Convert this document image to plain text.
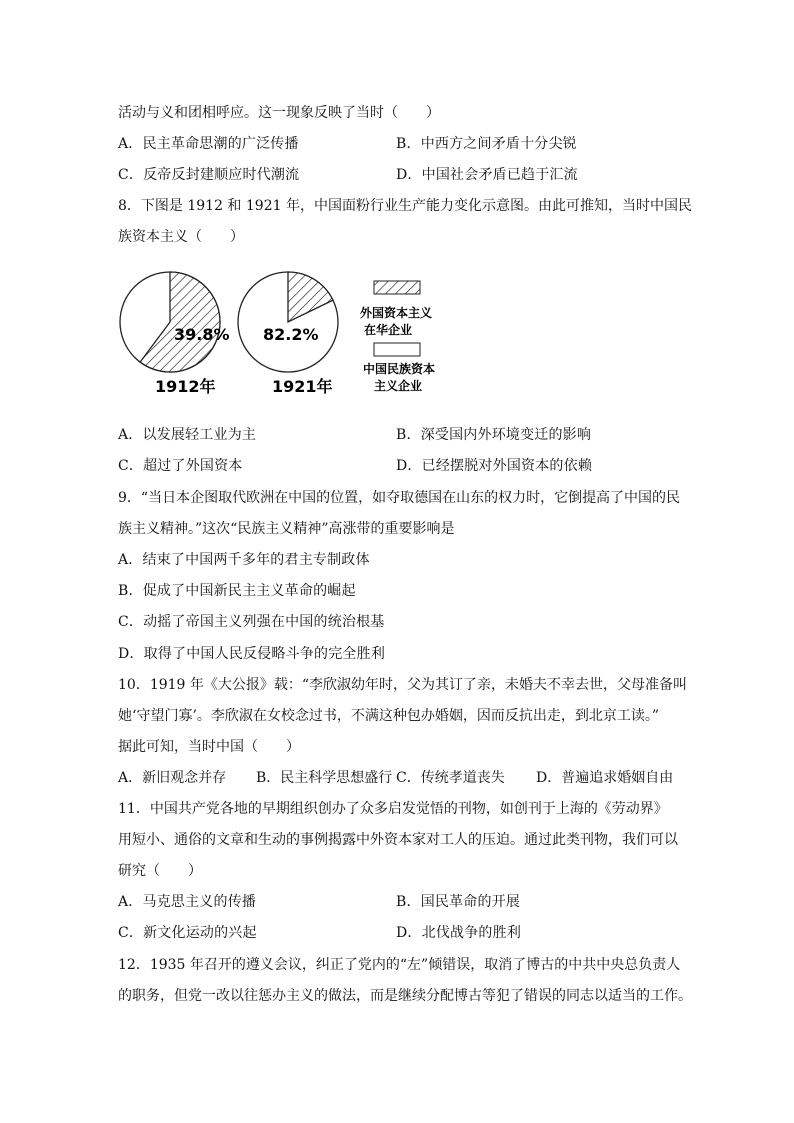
活动与义和团相呼应。这一现象反映了当时（　　）
A．民主革命思潮的广泛传播	B．中西方之间矛盾十分尖锐
C．反帝反封建顺应时代潮流	D．中国社会矛盾已趋于汇流
8．下图是 1912 和 1921 年，中国面粉行业生产能力变化示意图。由此可推知，当时中国民
族资本主义（　　）
39.8% 82.2%
1912年	1921年
外国资本主义
在华企业
中国民族资本
主义企业
A．以发展轻工业为主	B．深受国内外环境变迁的影响
C．超过了外国资本	D．已经摆脱对外国资本的依赖
9．“当日本企图取代欧洲在中国的位置，如夺取德国在山东的权力时，它倒提高了中国的民
族主义精神。”这次“民族主义精神”高涨带的重要影响是
A．结束了中国两千多年的君主专制政体
B．促成了中国新民主主义革命的崛起
C．动摇了帝国主义列强在中国的统治根基
D．取得了中国人民反侵略斗争的完全胜利
10．1919 年《大公报》载：“李欣淑幼年时，父为其订了亲，未婚夫不幸去世，父母准备叫
她‘守望门寡’。李欣淑在女校念过书，不满这种包办婚姻，因而反抗出走，到北京工读。”
据此可知，当时中国（　　）
A．新旧观念并存 B．民主科学思想盛行 C．传统孝道丧失 D．普遍追求婚姻自由
11．中国共产党各地的早期组织创办了众多启发觉悟的刊物，如创刊于上海的《劳动界》
用短小、通俗的文章和生动的事例揭露中外资本家对工人的压迫。通过此类刊物，我们可以
研究（　　）
A．马克思主义的传播	B．国民革命的开展
C．新文化运动的兴起	D．北伐战争的胜利
12．1935 年召开的遵义会议，纠正了党内的“左”倾错误，取消了博古的中共中央总负责人
的职务，但党一改以往惩办主义的做法，而是继续分配博古等犯了错误的同志以适当的工作。
